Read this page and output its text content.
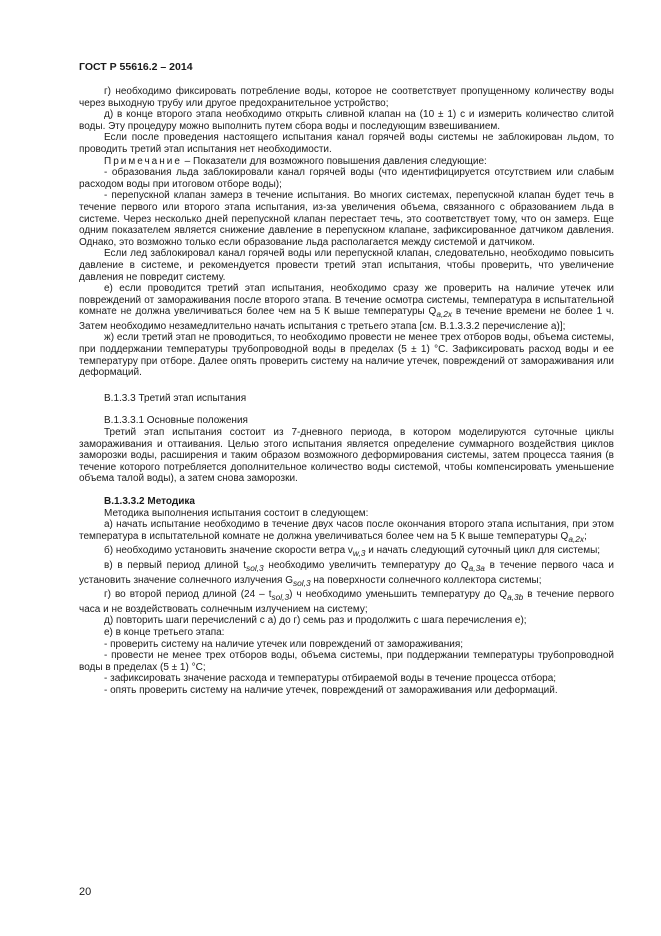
ГОСТ Р 55616.2 – 2014

г) необходимо фиксировать потребление воды, которое не соответствует пропущенному количеству воды через выходную трубу или другое предохранительное устройство;

д) в конце второго этапа необходимо открыть сливной клапан на (10 ± 1) с и измерить количество слитой воды. Эту процедуру можно выполнить путем сбора воды и последующим взвешиванием.

Если после проведения настоящего испытания канал горячей воды системы не заблокирован льдом, то проводить третий этап испытания нет необходимости.

Примечание – Показатели для возможного повышения давления следующие:

- образования льда заблокировали канал горячей воды (что идентифицируется отсутствием или слабым расходом воды при итоговом отборе воды);

- перепускной клапан замерз в течение испытания. Во многих системах, перепускной клапан будет течь в течение первого или второго этапа испытания, из-за увеличения объема, связанного с образованием льда в системе. Через несколько дней перепускной клапан перестает течь, это соответствует тому, что он замерз. Еще одним показателем является снижение давление в перепускном клапане, зафиксированное датчиком давления. Однако, это возможно только если образование льда располагается между системой и датчиком.

Если лед заблокировал канал горячей воды или перепускной клапан, следовательно, необходимо повысить давление в системе, и рекомендуется провести третий этап испытания, чтобы проверить, что увеличение давления не повредит систему.

е) если проводится третий этап испытания, необходимо сразу же проверить на наличие утечек или повреждений от замораживания после второго этапа. В течение осмотра системы, температура в испытательной комнате не должна увеличиваться более чем на 5 К выше температуры $Q_{a,2x}$ в течение времени не более 1 ч. Затем необходимо незамедлительно начать испытания с третьего этапа [см. В.1.3.3.2 перечисление а)];

ж) если третий этап не проводиться, то необходимо провести не менее трех отборов воды, объема системы, при поддержании температуры трубопроводной воды в пределах (5 ± 1) °C. Зафиксировать расход воды и ее температуру при отборе. Далее опять проверить систему на наличие утечек, повреждений от замораживания или деформаций.

В.1.3.3 Третий этап испытания

В.1.3.3.1 Основные положения

Третий этап испытания состоит из 7-дневного периода, в котором моделируются суточные циклы замораживания и оттаивания. Целью этого испытания является определение суммарного воздействия циклов заморозки воды, расширения и таким образом возможного деформирования системы, затем процесса таяния (в течение которого потребляется дополнительное количество воды системой, чтобы компенсировать уменьшение объема талой воды), а затем снова заморозки.

В.1.3.3.2 Методика

Методика выполнения испытания состоит в следующем:

а) начать испытание необходимо в течение двух часов после окончания второго этапа испытания, при этом температура в испытательной комнате не должна увеличиваться более чем на 5 К выше температуры $Q_{a,2x}$;

б) необходимо установить значение скорости ветра $v_{w,3}$ и начать следующий суточный цикл для системы;

в) в первый период длиной $t_{sol,3}$ необходимо увеличить температуру до $Q_{a,3a}$ в течение первого часа и установить значение солнечного излучения $G_{sol,3}$ на поверхности солнечного коллектора системы;

г) во второй период длиной $(24 - t_{sol,3})$ ч необходимо уменьшить температуру до $Q_{a,3b}$ в течение первого часа и не воздействовать солнечным излучением на систему;

д) повторить шаги перечислений с а) до г) семь раз и продолжить с шага перечисления е);

е) в конце третьего этапа:

- проверить систему на наличие утечек или повреждений от замораживания;

- провести не менее трех отборов воды, объема системы, при поддержании температуры трубопроводной воды в пределах (5 ± 1) °C;

- зафиксировать значение расхода и температуры отбираемой воды в течение процесса отбора;

- опять проверить систему на наличие утечек, повреждений от замораживания или деформаций.

20
